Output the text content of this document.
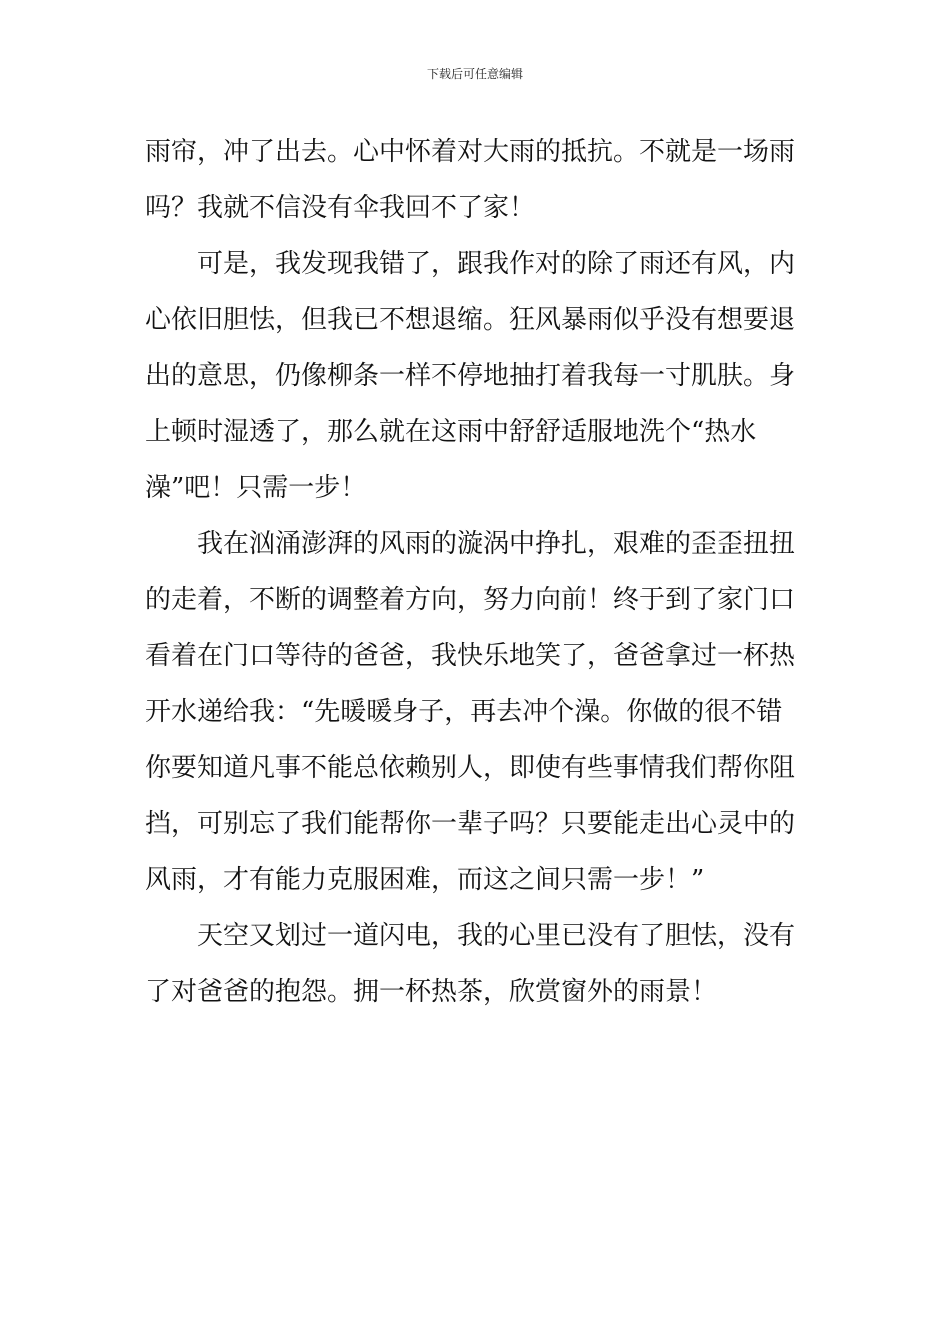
下载后可任意编辑
雨帘，冲了出去。心中怀着对大雨的抵抗。不就是一场雨
吗？我就不信没有伞我回不了家！
可是，我发现我错了，跟我作对的除了雨还有风，内
心依旧胆怯，但我已不想退缩。狂风暴雨似乎没有想要退
出的意思，仍像柳条一样不停地抽打着我每一寸肌肤。身
上顿时湿透了，那么就在这雨中舒舒适服地洗个“热水
澡”吧！只需一步！
我在汹涌澎湃的风雨的漩涡中挣扎，艰难的歪歪扭扭
的走着，不断的调整着方向，努力向前！终于到了家门口
看着在门口等待的爸爸，我快乐地笑了，爸爸拿过一杯热
开水递给我：“先暖暖身子，再去冲个澡。你做的很不错
你要知道凡事不能总依赖别人，即使有些事情我们帮你阻
挡，可别忘了我们能帮你一辈子吗？只要能走出心灵中的
风雨，才有能力克服困难，而这之间只需一步！”
天空又划过一道闪电，我的心里已没有了胆怯，没有
了对爸爸的抱怨。拥一杯热茶，欣赏窗外的雨景！
